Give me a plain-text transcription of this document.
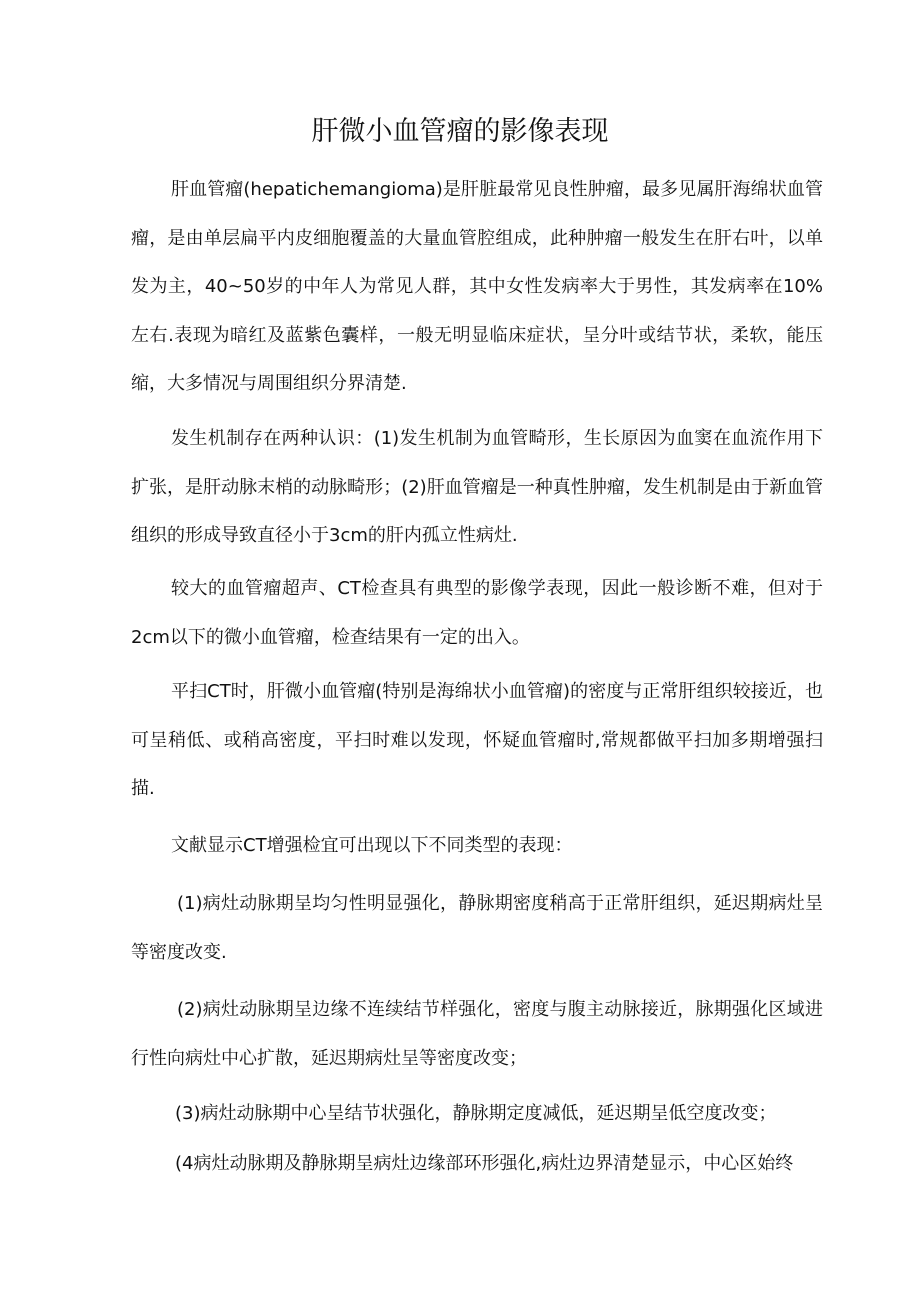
肝微小血管瘤的影像表现

肝血管瘤(hepatichemangioma)是肝脏最常见良性肿瘤，最多见属肝海绵状血管瘤，是由单层扁平内皮细胞覆盖的大量血管腔组成，此种肿瘤一般发生在肝右叶，以单发为主，40~50岁的中年人为常见人群，其中女性发病率大于男性，其发病率在10%左右.表现为暗红及蓝紫色囊样，一般无明显临床症状，呈分叶或结节状，柔软，能压缩，大多情况与周围组织分界清楚.

发生机制存在两种认识：(1)发生机制为血管畸形，生长原因为血窦在血流作用下扩张，是肝动脉末梢的动脉畸形；(2)肝血管瘤是一种真性肿瘤，发生机制是由于新血管组织的形成导致直径小于3cm的肝内孤立性病灶.

较大的血管瘤超声、CT检查具有典型的影像学表现，因此一般诊断不难，但对于2cm以下的微小血管瘤，检查结果有一定的出入。

平扫CT时，肝微小血管瘤(特别是海绵状小血管瘤)的密度与正常肝组织较接近，也可呈稍低、或稍高密度，平扫时难以发现，怀疑血管瘤时,常规都做平扫加多期增强扫描.

文献显示CT增强检宜可出现以下不同类型的表现：

(1)病灶动脉期呈均匀性明显强化，静脉期密度稍高于正常肝组织，延迟期病灶呈等密度改变.

(2)病灶动脉期呈边缘不连续结节样强化，密度与腹主动脉接近，脉期强化区域进行性向病灶中心扩散，延迟期病灶呈等密度改变；

(3)病灶动脉期中心呈结节状强化，静脉期定度减低，延迟期呈低空度改变；

(4病灶动脉期及静脉期呈病灶边缘部环形强化,病灶边界清楚显示，中心区始终
